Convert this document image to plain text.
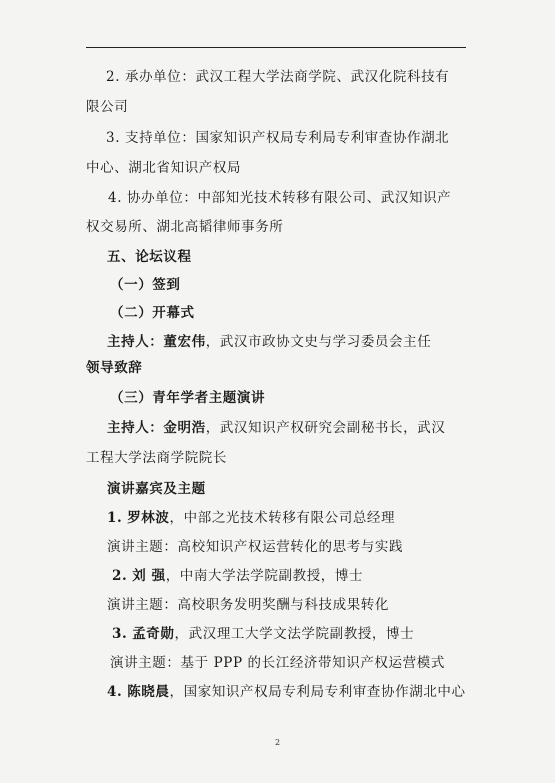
2. 承办单位：武汉工程大学法商学院、武汉化院科技有
限公司
3. 支持单位：国家知识产权局专利局专利审查协作湖北
中心、湖北省知识产权局
4. 协办单位：中部知光技术转移有限公司、武汉知识产
权交易所、湖北高韬律师事务所
五、论坛议程
（一）签到
（二）开幕式
主持人：董宏伟，武汉市政协文史与学习委员会主任
领导致辞
（三）青年学者主题演讲
主持人：金明浩，武汉知识产权研究会副秘书长，武汉
工程大学法商学院院长
演讲嘉宾及主题
1. 罗林波，中部之光技术转移有限公司总经理
演讲主题：高校知识产权运营转化的思考与实践
2. 刘 强，中南大学法学院副教授，博士
演讲主题：高校职务发明奖酬与科技成果转化
3. 孟奇勋，武汉理工大学文法学院副教授，博士
演讲主题：基于 PPP 的长江经济带知识产权运营模式
4. 陈晓晨，国家知识产权局专利局专利审查协作湖北中心
2
